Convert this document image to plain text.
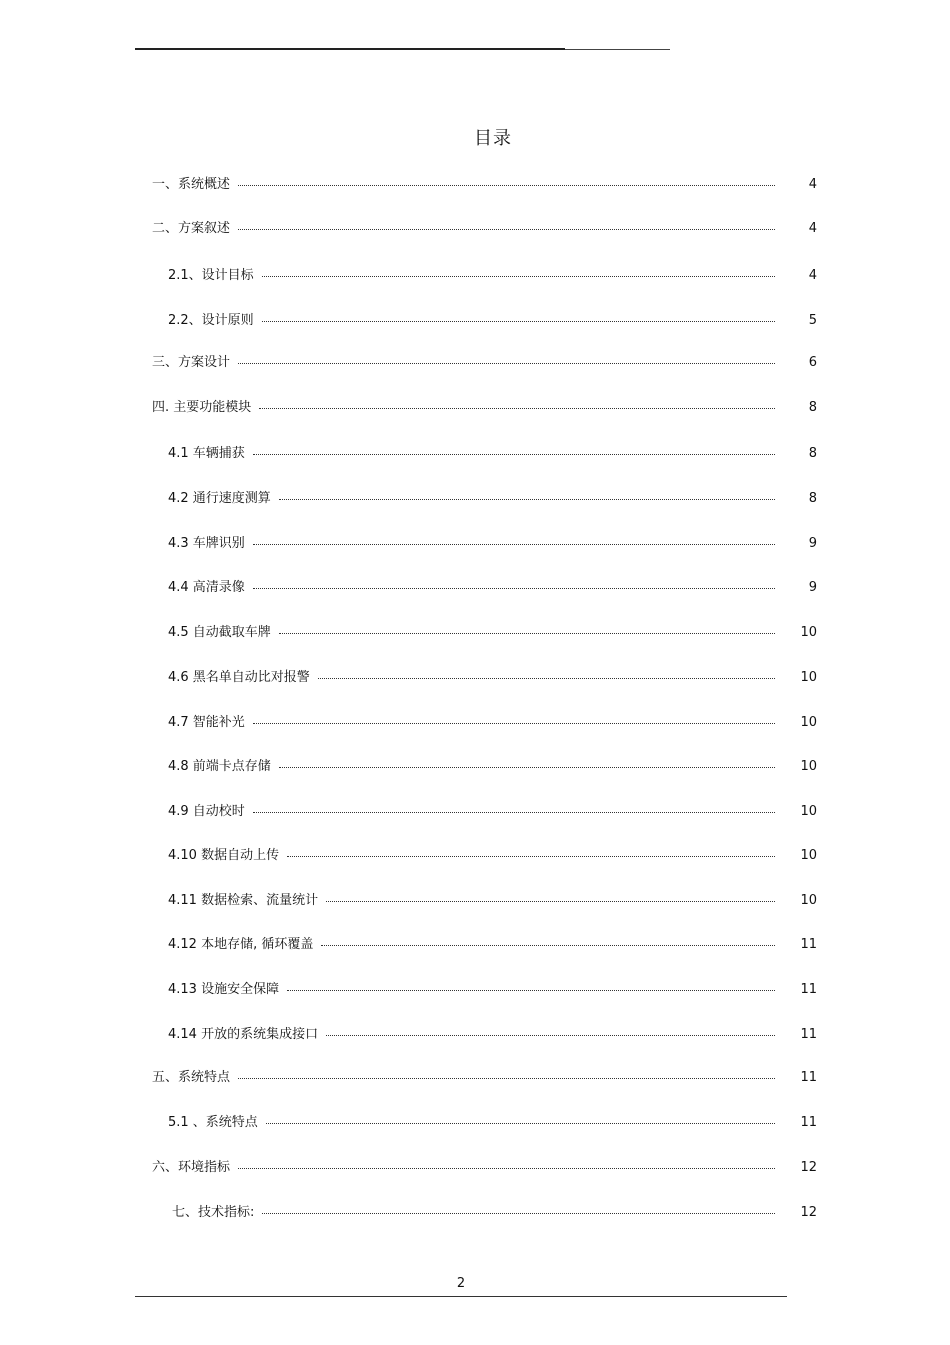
目录
一、系统概述	4
二、方案叙述	4
2.1、设计目标	4
2.2、设计原则	5
三、方案设计	6
四. 主要功能模块	8
4.1 车辆捕获	8
4.2 通行速度测算	8
4.3 车牌识别	9
4.4 高清录像	9
4.5 自动截取车牌	10
4.6 黑名单自动比对报警	10
4.7 智能补光	10
4.8 前端卡点存储	10
4.9 自动校时	10
4.10 数据自动上传	10
4.11 数据检索、流量统计	10
4.12 本地存储, 循环覆盖	11
4.13 设施安全保障	11
4.14 开放的系统集成接口	11
五、系统特点	11
5.1 、系统特点	11
六、环境指标	12
七、技术指标:	12
2
